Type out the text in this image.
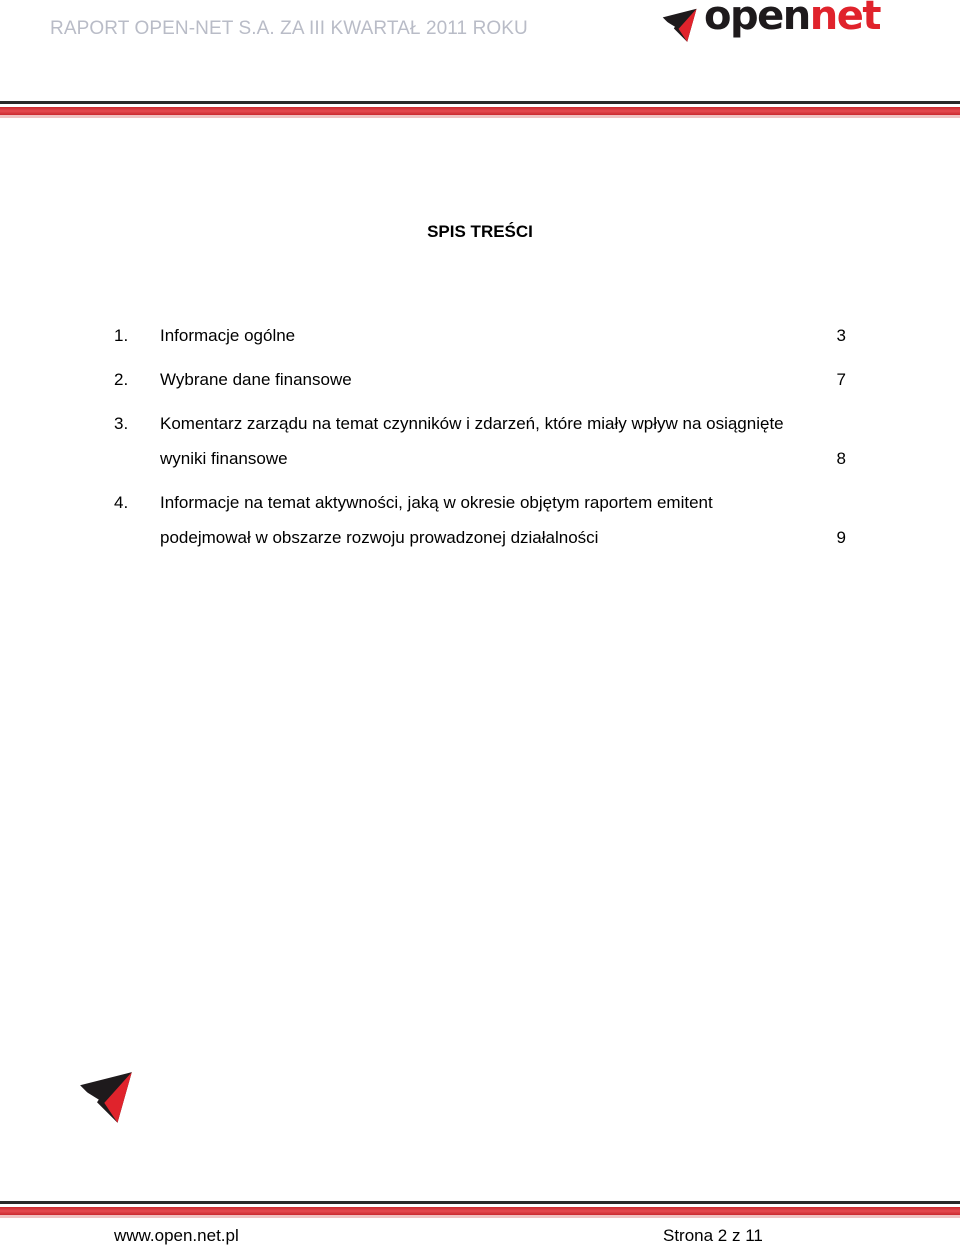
RAPORT OPEN-NET S.A. ZA III KWARTAŁ 2011 ROKU	opennet
SPIS TREŚCI
1. Informacje ogólne	3
2. Wybrane dane finansowe	7
3. Komentarz zarządu na temat czynników i zdarzeń, które miały wpływ na osiągnięte
wyniki finansowe	8
4. Informacje na temat aktywności, jaką w okresie objętym raportem emitent
podejmował w obszarze rozwoju prowadzonej działalności	9
www.open.net.pl	Strona 2 z 11
